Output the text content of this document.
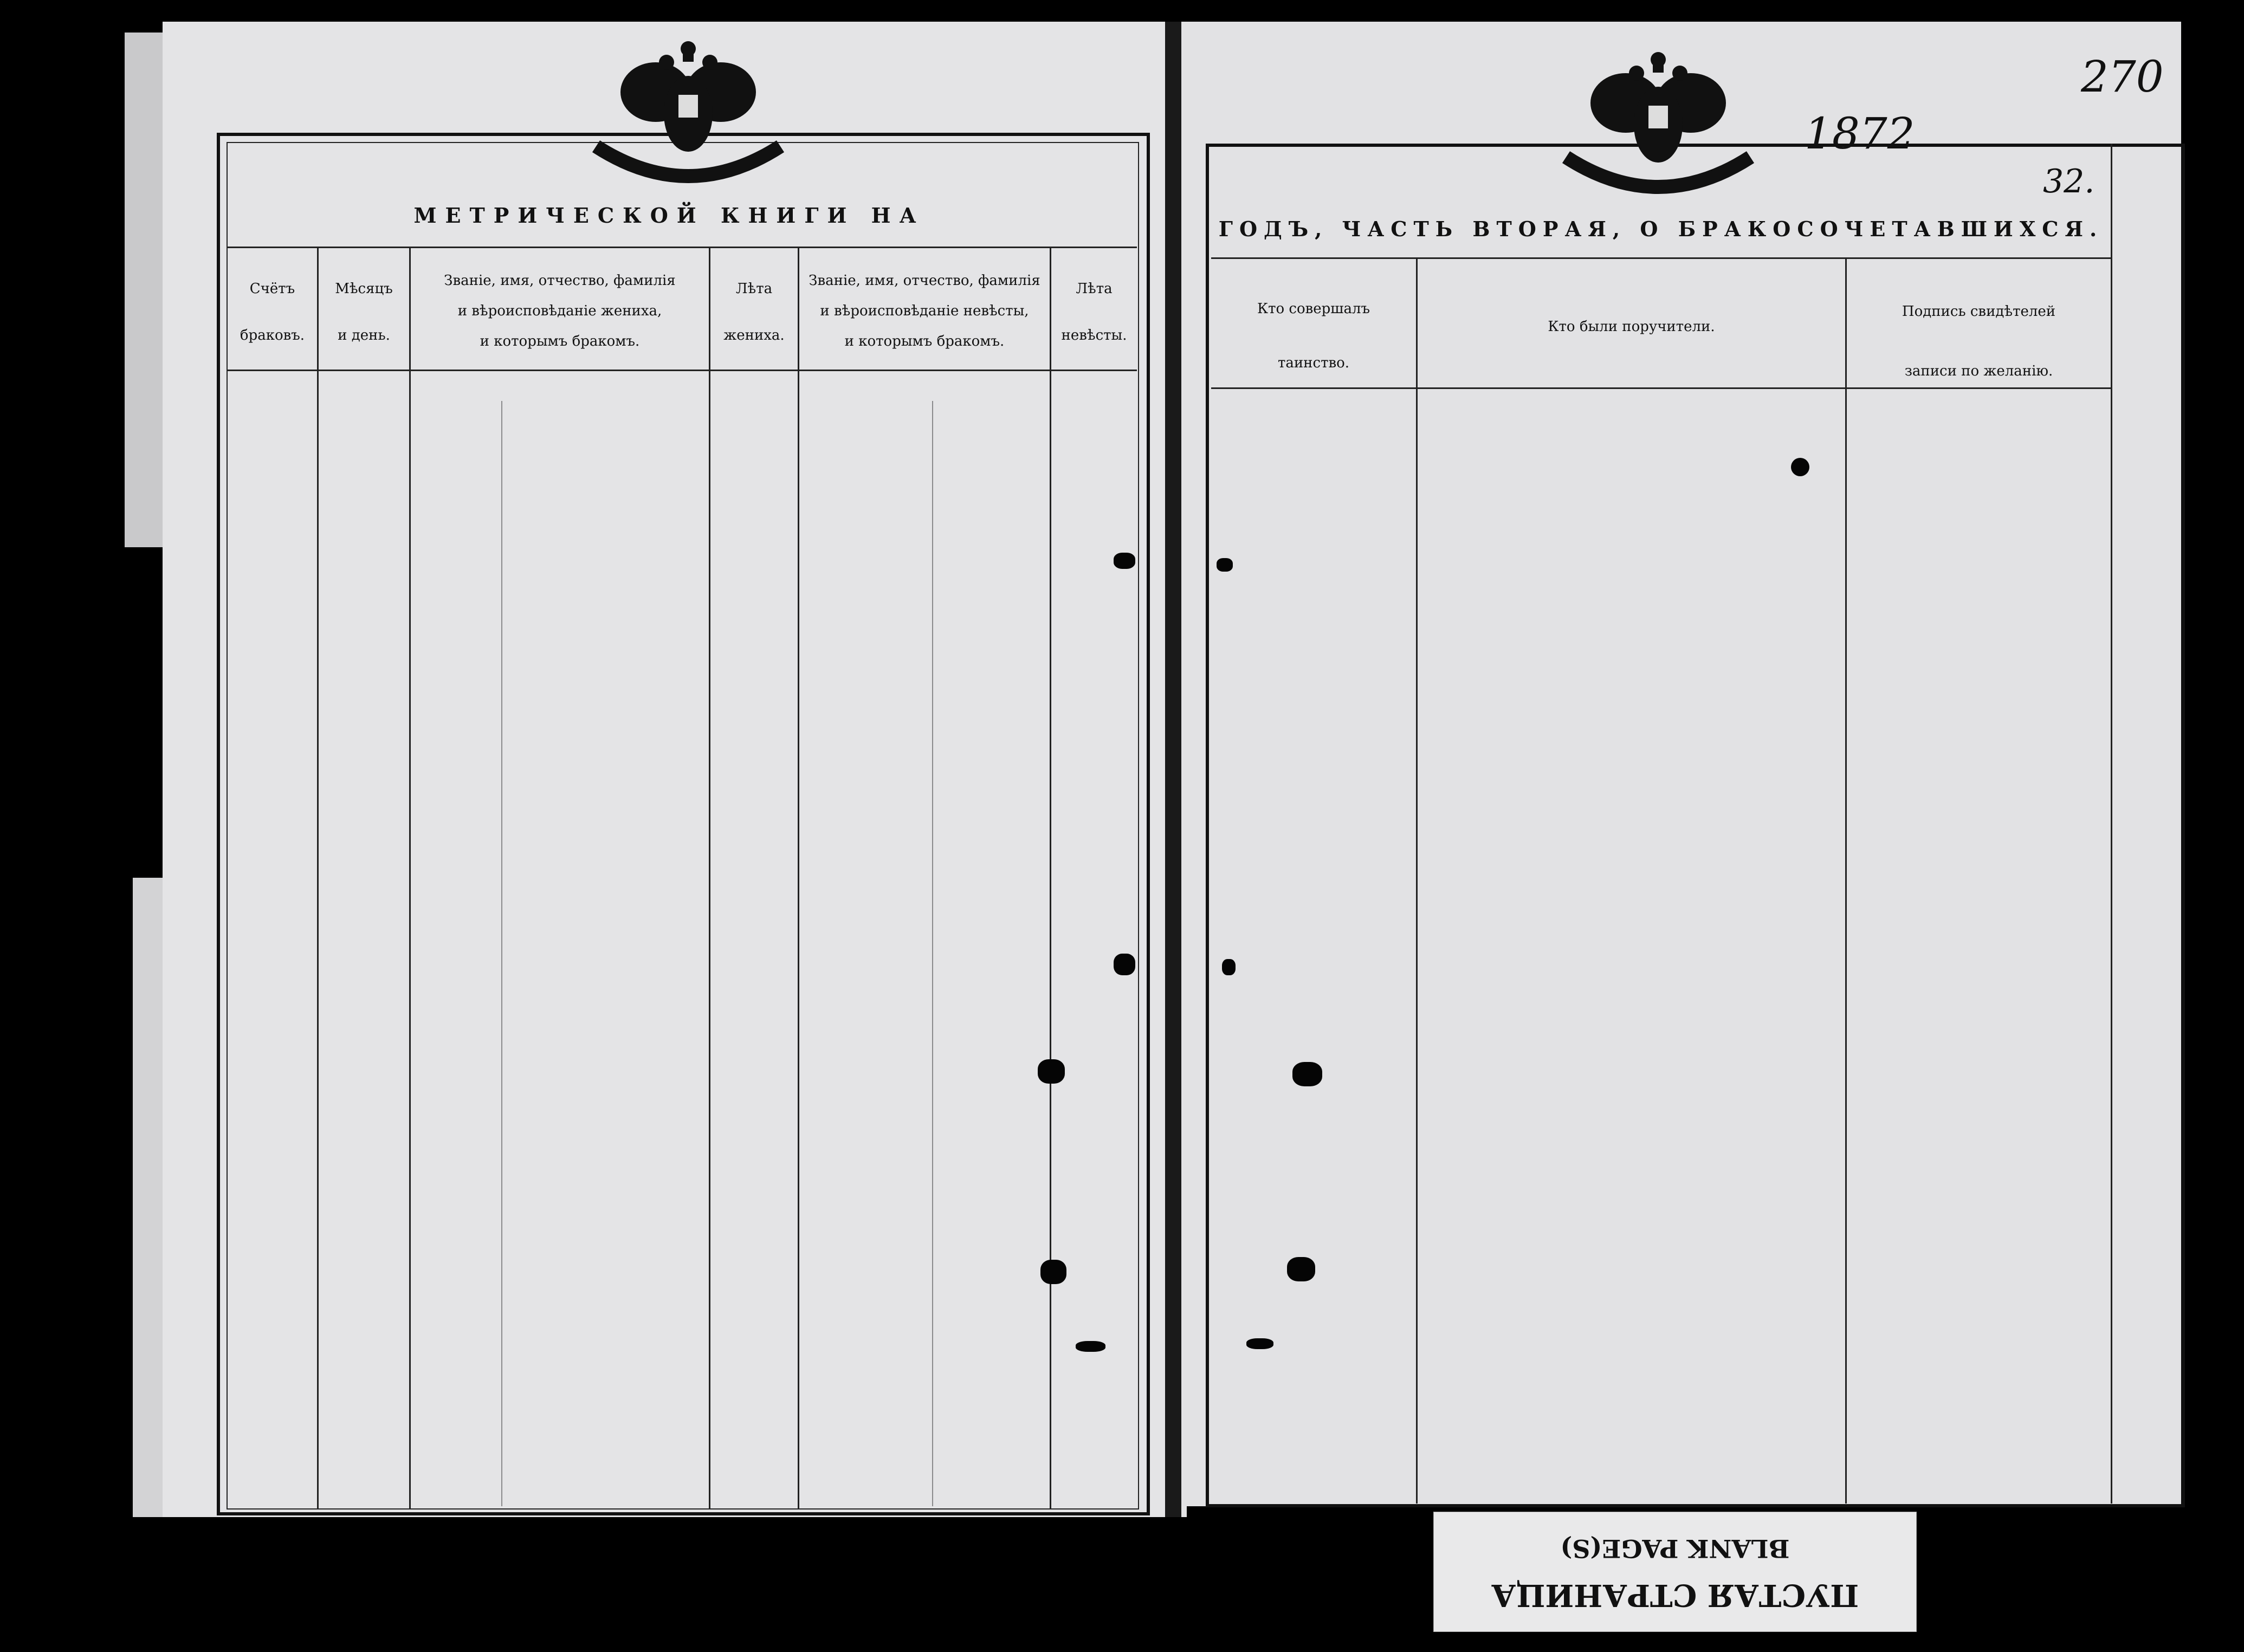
МЕТРИЧЕСКОЙ КНИГИ НА
Счётъ
браковъ.
Мѣсяцъ
и день.
Званіе, имя, отчество, фамилія
и вѣроисповѣданіе жениха,
и которымъ бракомъ.
Лѣта
жениха.
Званіе, имя, отчество, фамилія
и вѣроисповѣданіе невѣсты,
и которымъ бракомъ.
Лѣта
невѣсты.
ГОДЪ, ЧАСТЬ ВТОРАЯ, О БРАКОСОЧЕТАВШИХСЯ.
Кто совершалъ
таинство.
Кто были поручители.
Подпись свидѣтелей
записи по желанію.
270
1872
32.
BLANK PAGE(S)
ПУСТАЯ СТРАНИЦА
